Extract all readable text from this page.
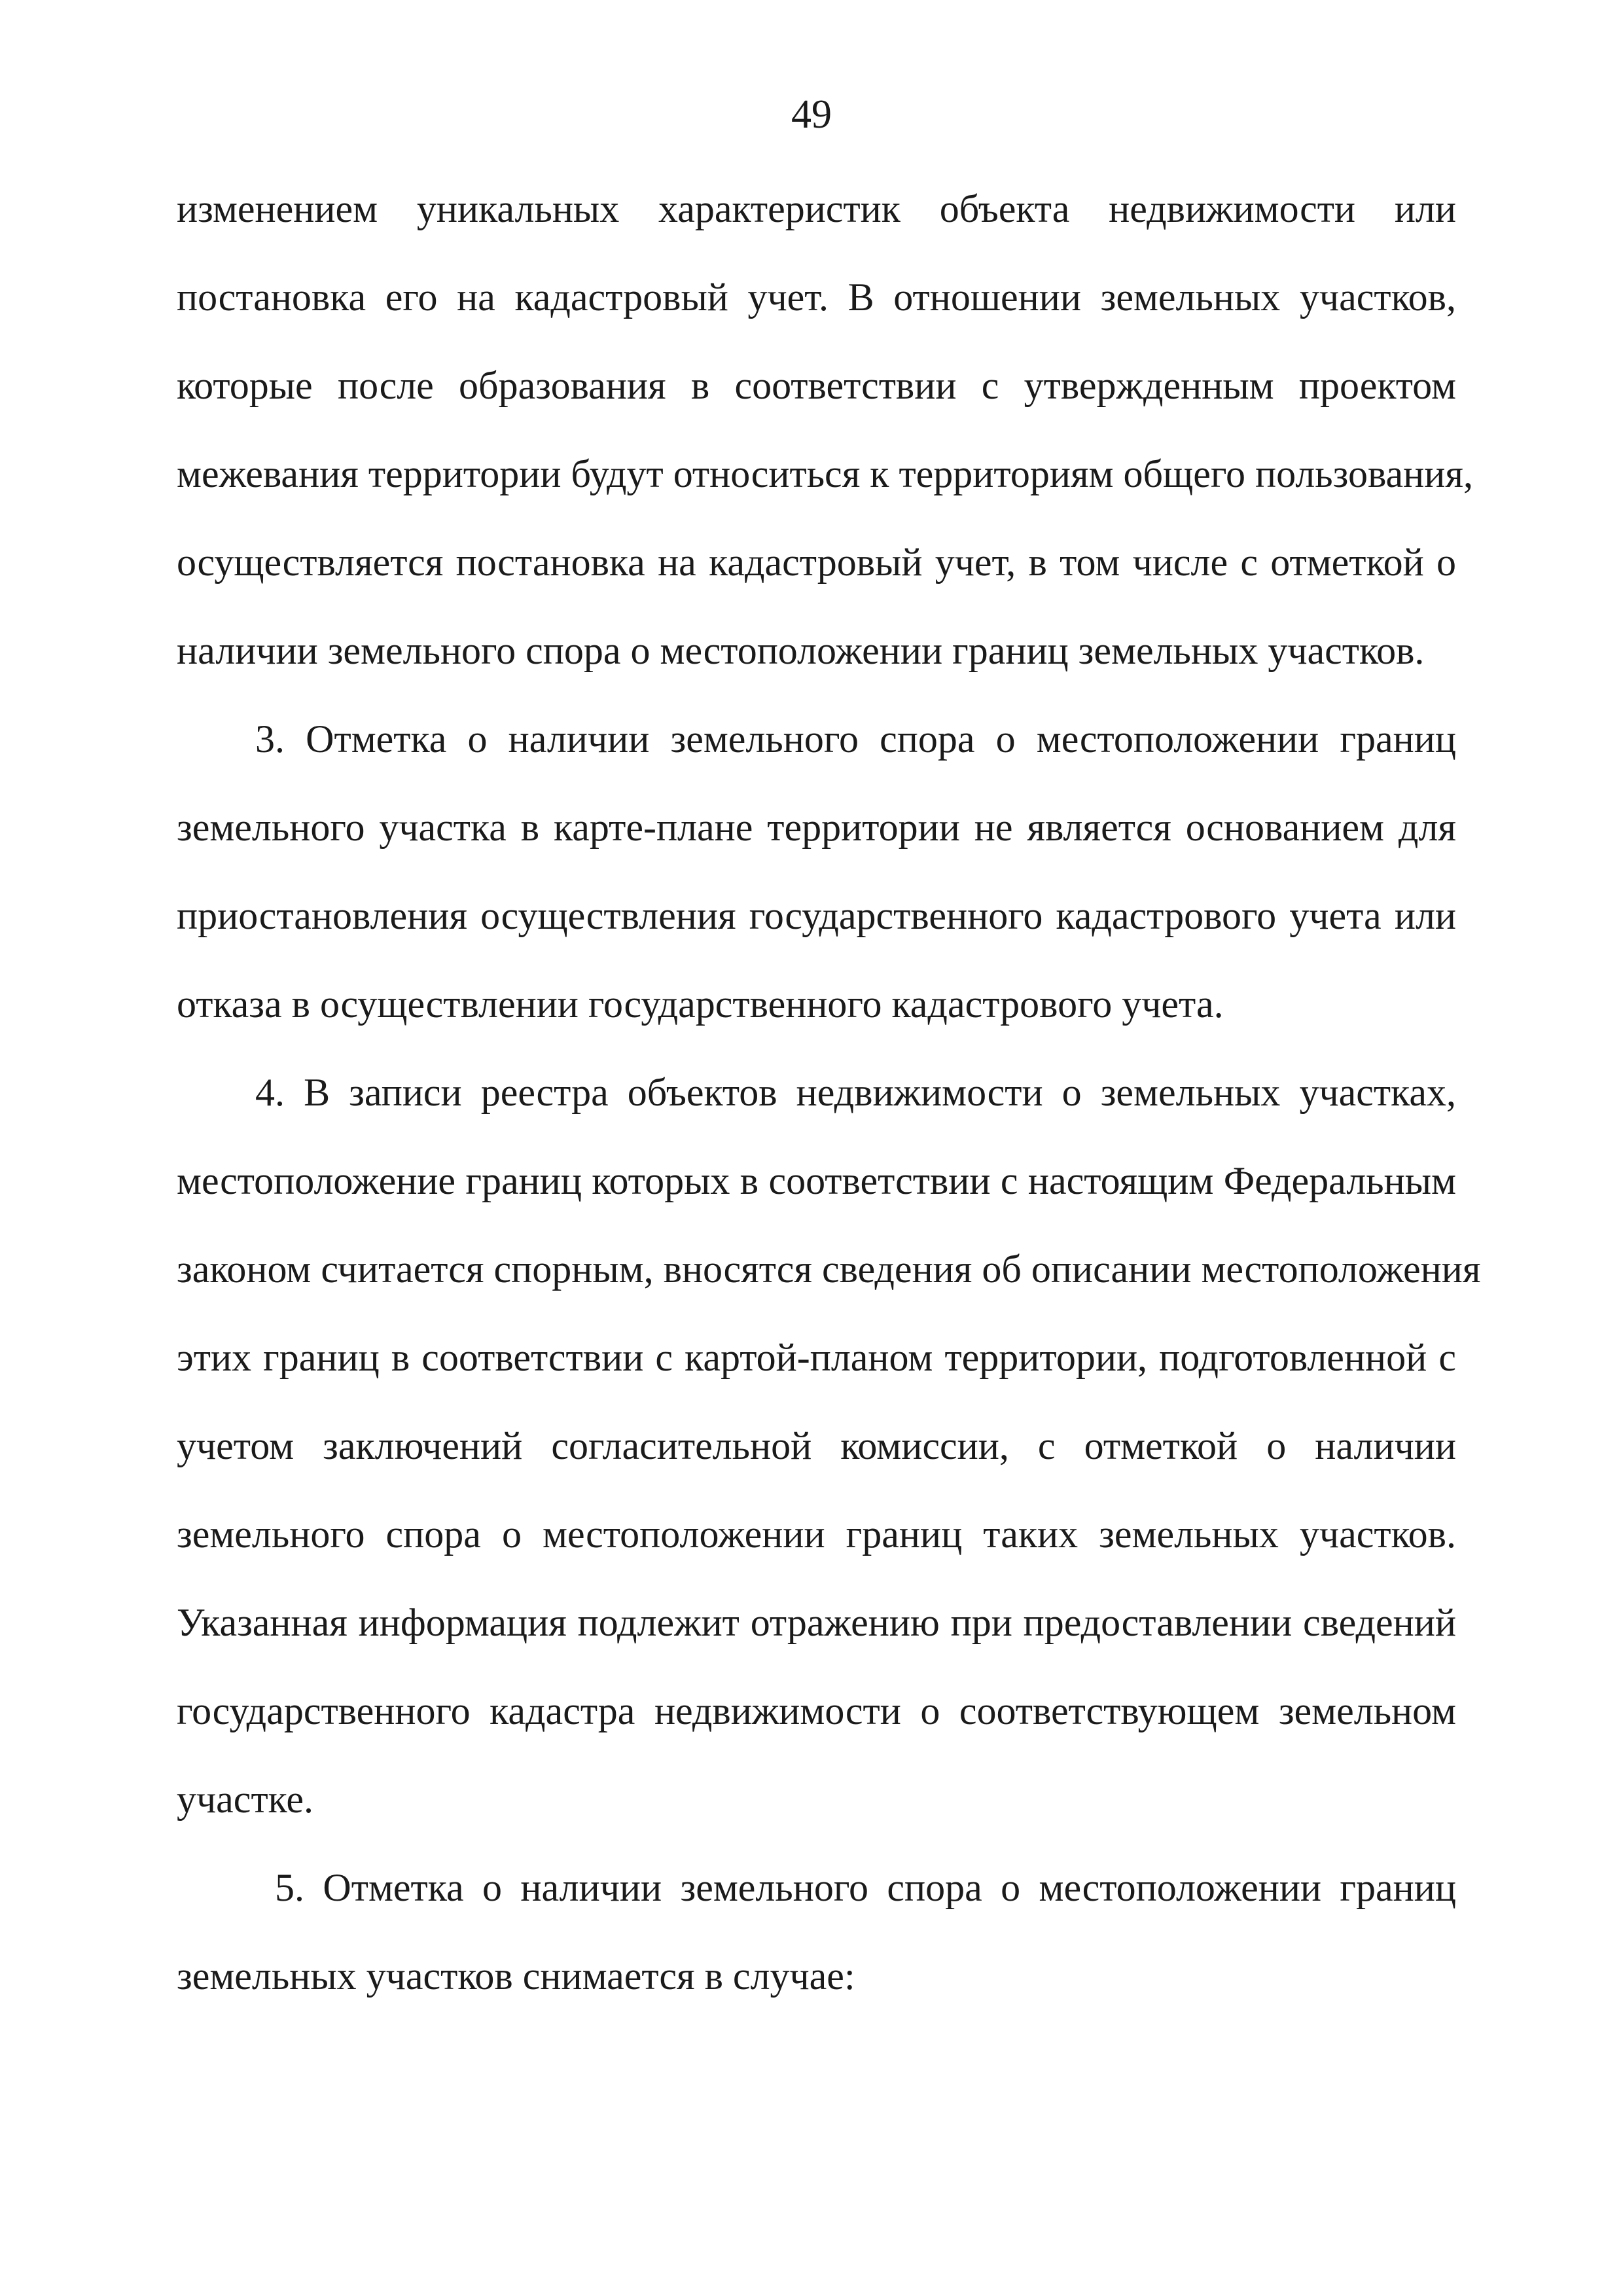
49
изменением уникальных характеристик объекта недвижимости или
постановка его на кадастровый учет. В отношении земельных участков,
которые после образования в соответствии с утвержденным проектом
межевания территории будут относиться к территориям общего пользования,
осуществляется постановка на кадастровый учет, в том числе с отметкой о
наличии земельного спора о местоположении границ земельных участков.
3. Отметка о наличии земельного спора о местоположении границ
земельного участка в карте-плане территории не является основанием для
приостановления осуществления государственного кадастрового учета или
отказа в осуществлении государственного кадастрового учета.
4. В записи реестра объектов недвижимости о земельных участках,
местоположение границ которых в соответствии с настоящим Федеральным
законом считается спорным, вносятся сведения об описании местоположения
этих границ в соответствии с картой-планом территории, подготовленной с
учетом заключений согласительной комиссии, с отметкой о наличии
земельного спора о местоположении границ таких земельных участков.
Указанная информация подлежит отражению при предоставлении сведений
государственного кадастра недвижимости о соответствующем земельном
участке.
5. Отметка о наличии земельного спора о местоположении границ
земельных участков снимается в случае:
